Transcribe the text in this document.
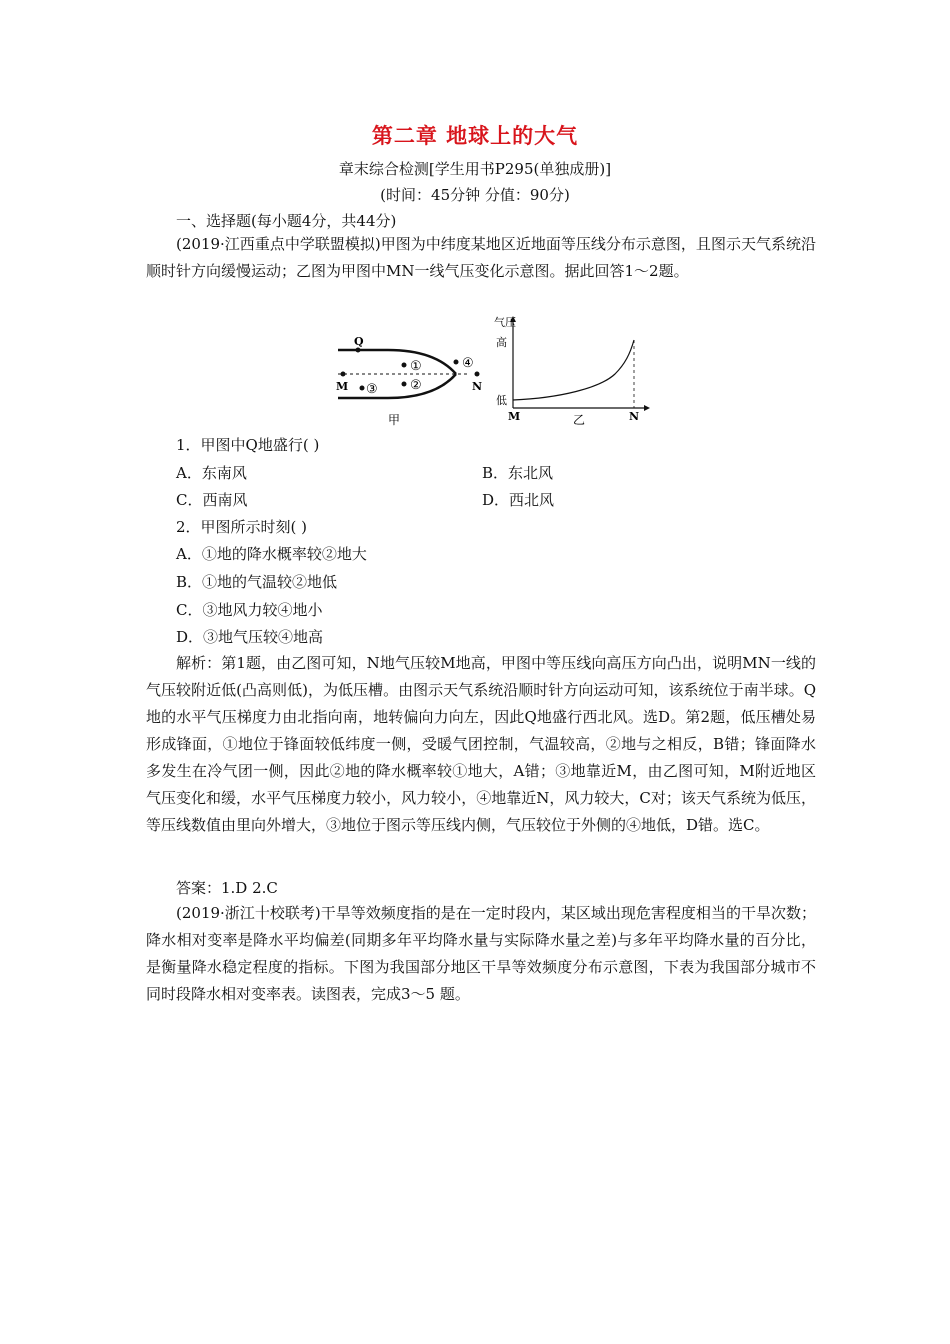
第二章 地球上的大气
章末综合检测[学生用书P295(单独成册)]
(时间：45分钟 分值：90分)
一、选择题(每小题4分，共44分)
(2019·江西重点中学联盟模拟)甲图为中纬度某地区近地面等压线分布示意图，且图示天气系统沿顺时针方向缓慢运动；乙图为甲图中MN一线气压变化示意图。据此回答1～2题。
Q
M	N
①
②
③
④
甲
气压
高
低
M	N
乙
1．甲图中Q地盛行( )
A．东南风	B．东北风
C．西南风	D．西北风
2．甲图所示时刻( )
A．①地的降水概率较②地大
B．①地的气温较②地低
C．③地风力较④地小
D．③地气压较④地高
解析：第1题，由乙图可知，N地气压较M地高，甲图中等压线向高压方向凸出，说明MN一线的气压较附近低(凸高则低)，为低压槽。由图示天气系统沿顺时针方向运动可知，该系统位于南半球。Q地的水平气压梯度力由北指向南，地转偏向力向左，因此Q地盛行西北风。选D。第2题，低压槽处易形成锋面，①地位于锋面较低纬度一侧，受暖气团控制，气温较高，②地与之相反，B错；锋面降水多发生在冷气团一侧，因此②地的降水概率较①地大，A错；③地靠近M，由乙图可知，M附近地区气压变化和缓，水平气压梯度力较小，风力较小，④地靠近N，风力较大，C对；该天气系统为低压，等压线数值由里向外增大，③地位于图示等压线内侧，气压较位于外侧的④地低，D错。选C。
答案：1.D 2.C
(2019·浙江十校联考)干旱等效频度指的是在一定时段内，某区域出现危害程度相当的干旱次数；降水相对变率是降水平均偏差(同期多年平均降水量与实际降水量之差)与多年平均降水量的百分比，是衡量降水稳定程度的指标。下图为我国部分地区干旱等效频度分布示意图，下表为我国部分城市不同时段降水相对变率表。读图表，完成3～5 题。
